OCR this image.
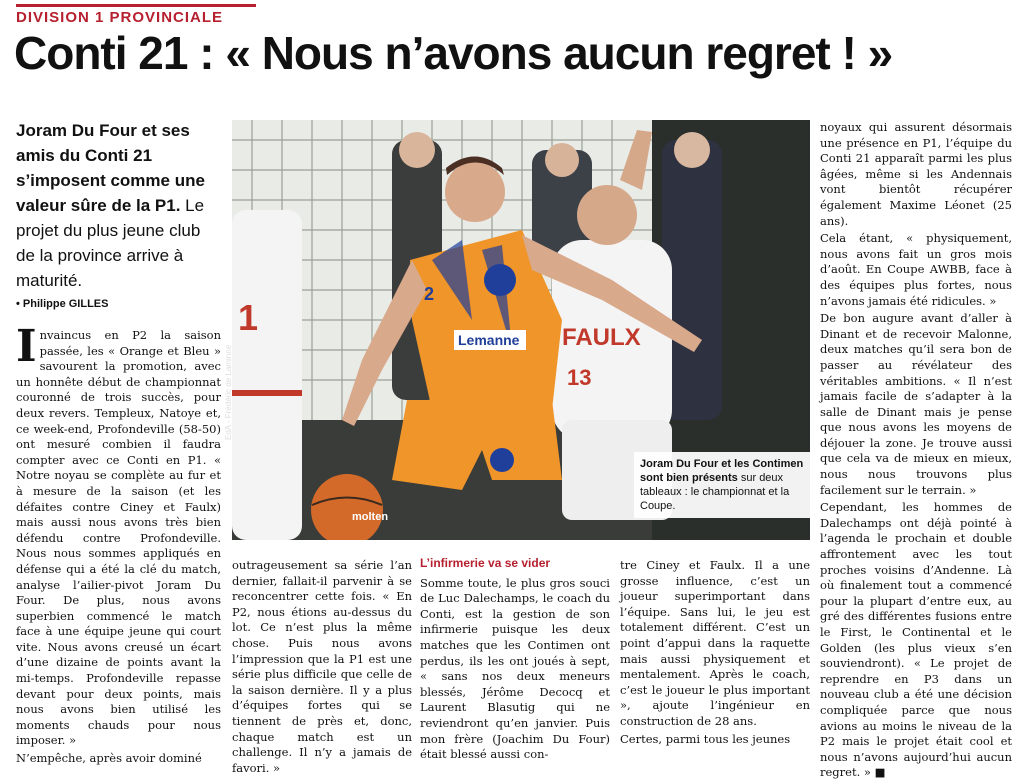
DIVISION 1 PROVINCIALE
Conti 21 : « Nous n’avons aucun regret ! »
Joram Du Four et ses amis du Conti 21 s’imposent comme une valeur sûre de la P1. Le projet du plus jeune club de la province arrive à maturité.
• Philippe GILLES	1	FAULX
13
2
Lemanne
molten
EdA - Frédéric de Laminne
Joram Du Four et les Contimen sont bien présents sur deux tableaux : le championnat et la Coupe.

Invaincus en P2 la saison passée, les « Orange et Bleu » savourent la promotion, avec un honnête début de championnat couronné de trois succès, pour deux revers. Templeux, Natoye et, ce week-end, Profondeville (58-50) ont mesuré combien il faudra compter avec ce Conti en P1. « Notre noyau se complète au fur et à mesure de la saison (et les défaites contre Ciney et Faulx) mais aussi nous avons très bien défendu contre Profondeville. Nous nous sommes appliqués en défense qui a été la clé du match, analyse l’ailier-pivot Joram Du Four. De plus, nous avons superbien commencé le match face à une équipe jeune qui court vite. Nous avons creusé un écart d’une dizaine de points avant la mi-temps. Profondeville repasse devant pour deux points, mais nous avons bien utilisé les moments chauds pour nous imposer. »

N’empêche, après avoir dominé

outrageusement sa série l’an dernier, fallait-il parvenir à se reconcentrer cette fois. « En P2, nous étions au-dessus du lot. Ce n’est plus la même chose. Puis nous avons l’impression que la P1 est une série plus difficile que celle de la saison dernière. Il y a plus d’équipes fortes qui se tiennent de près et, donc, chaque match est un challenge. Il n’y a jamais de favori. »

L’infirmerie va se vider

Somme toute, le plus gros souci de Luc Dalechamps, le coach du Conti, est la gestion de son infirmerie puisque les deux matches que les Contimen ont perdus, ils les ont joués à sept, « sans nos deux meneurs blessés, Jérôme Decocq et Laurent Blasutig qui ne reviendront qu’en janvier. Puis mon frère (Joachim Du Four) était blessé aussi con-

tre Ciney et Faulx. Il a une grosse influence, c’est un joueur superimportant dans l’équipe. Sans lui, le jeu est totalement différent. C’est un point d’appui dans la raquette mais aussi physiquement et mentalement. Après le coach, c’est le joueur le plus important », ajoute l’ingénieur en construction de 28 ans.

Certes, parmi tous les jeunes

noyaux qui assurent désormais une présence en P1, l’équipe du Conti 21 apparaît parmi les plus âgées, même si les Andennais vont bientôt récupérer également Maxime Léonet (25 ans).

Cela étant, « physiquement, nous avons fait un gros mois d’août. En Coupe AWBB, face à des équipes plus fortes, nous n’avons jamais été ridicules. »

De bon augure avant d’aller à Dinant et de recevoir Malonne, deux matches qu’il sera bon de passer au révélateur des véritables ambitions. « Il n’est jamais facile de s’adapter à la salle de Dinant mais je pense que nous avons les moyens de déjouer la zone. Je trouve aussi que cela va de mieux en mieux, nous nous trouvons plus facilement sur le terrain. »

Cependant, les hommes de Dalechamps ont déjà pointé à l’agenda le prochain et double affrontement avec les tout proches voisins d’Andenne. Là où finalement tout a commencé pour la plupart d’entre eux, au gré des différentes fusions entre le First, le Continental et le Golden (les plus vieux s’en souviendront). « Le projet de reprendre en P3 dans un nouveau club a été une décision compliquée parce que nous avions au moins le niveau de la P2 mais le projet était cool et nous n’avons aujourd’hui aucun regret. » ■
